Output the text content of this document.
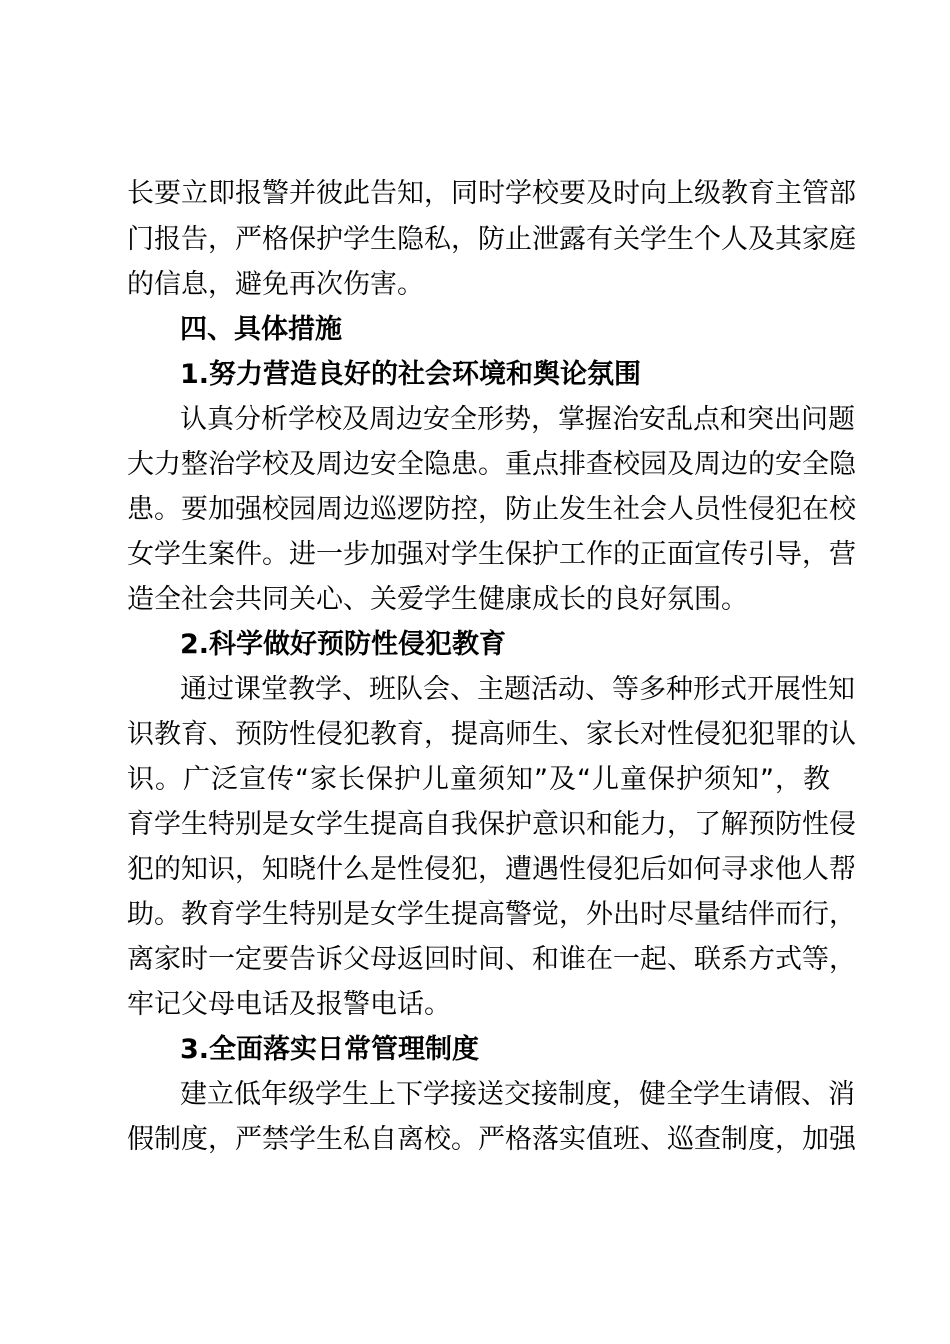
长要立即报警并彼此告知，同时学校要及时向上级教育主管部
门报告，严格保护学生隐私，防止泄露有关学生个人及其家庭
的信息，避免再次伤害。
四、具体措施
1.努力营造良好的社会环境和舆论氛围
认真分析学校及周边安全形势，掌握治安乱点和突出问题
大力整治学校及周边安全隐患。重点排查校园及周边的安全隐
患。要加强校园周边巡逻防控，防止发生社会人员性侵犯在校
女学生案件。进一步加强对学生保护工作的正面宣传引导，营
造全社会共同关心、关爱学生健康成长的良好氛围。
2.科学做好预防性侵犯教育
通过课堂教学、班队会、主题活动、等多种形式开展性知
识教育、预防性侵犯教育，提高师生、家长对性侵犯犯罪的认
识。广泛宣传“家长保护儿童须知”及“儿童保护须知”，教
育学生特别是女学生提高自我保护意识和能力，了解预防性侵
犯的知识，知晓什么是性侵犯，遭遇性侵犯后如何寻求他人帮
助。教育学生特别是女学生提高警觉，外出时尽量结伴而行，
离家时一定要告诉父母返回时间、和谁在一起、联系方式等，
牢记父母电话及报警电话。
3.全面落实日常管理制度
建立低年级学生上下学接送交接制度，健全学生请假、消
假制度，严禁学生私自离校。严格落实值班、巡查制度，加强
